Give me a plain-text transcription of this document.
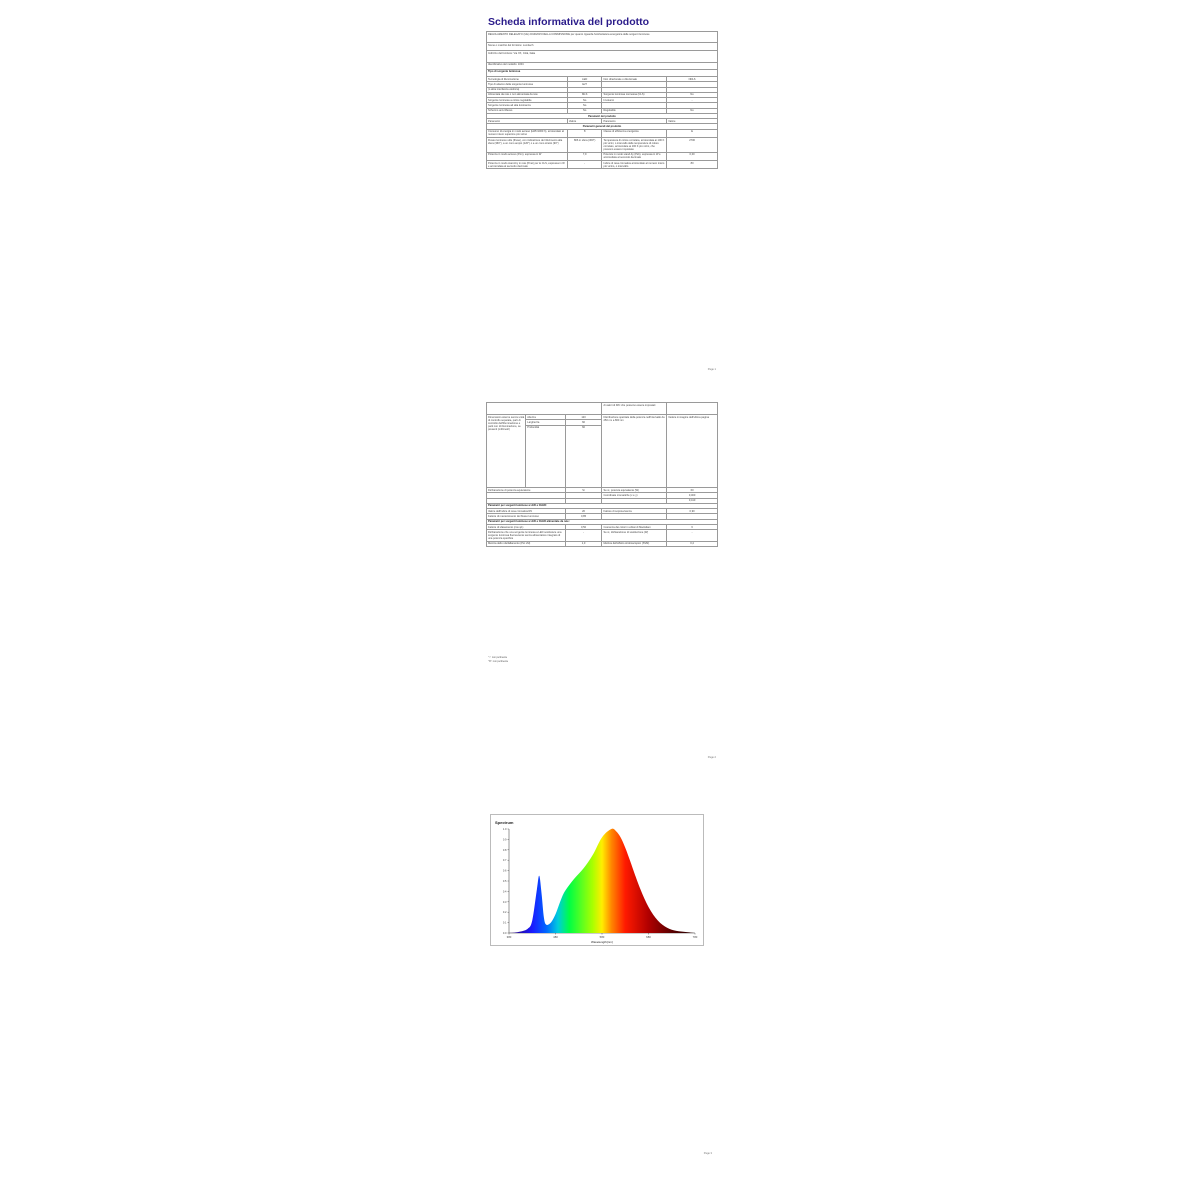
Scheda informativa del prodotto
REGOLAMENTO DELEGATO (UE) 2019/2015 DELLA COMMISSIONE per quanto riguarda l'etichettatura energetica delle sorgenti luminose			
Nome o marchio del fornitore: Lumitech			
Indirizzo del fornitore: Via XX, Città, Italia			
Identificativo del modello: 1004			
Tipo di sorgente luminosa			
Tecnologia di illuminazione	LED	Non direzionale o direzionale	NDLS
Tipo di attacco della sorgente luminosa	E27		
(o altra interfaccia elettrica)			
Alimentata da rete o non alimentata da rete	MLS	Sorgente luminosa connessa (CLS)	No
Sorgente luminosa a colore regolabile	No	Involucro	-
Sorgente luminosa ad alta luminanza	No		
Schermo anti-riflesso	No	Regolabile	No
Parametri del prodotto			
Parametro	Valore	Parametro	Valore
Parametri generali del prodotto			
Consumo di energia in modo acceso (kWh/1000 h), arrotondato al numero intero superiore più vicino	8	Classe di efficienza energetica	E
Flusso luminoso utile (Φuse), con indicazione del riferimento alla sfera (360°), a un cono ampio (120°) o a un cono stretto (90°)	806 in sfera (360°)	Temperatura di colore correlata, arrotondata ai 100 K più vicini, o intervallo delle temperature di colore correlato, arrotondate ai 100 K più vicini, che possono essere impostate	2700
Potenza in modo acceso (Pon), espressa in W	7,9	Potenza in modo stand-by (Psb), espressa in W e arrotondata al secondo decimale	0,00
Potenza in modo stand-by in rete (Pnet) per le CLS, espressa in W e arrotondata al secondo decimale	-	Indice di resa cromatica arrotondato al numero intero più vicino, o intervallo	80
Page 1
			di valori di IRC che possono essere impostati	
Dimensioni esterne senza unità di controllo separata, parti di controllo dell'illuminazione e parti non di illuminazione, se presenti (millimetri)	Altezza	120	Distribuzione spettrale della potenza nell'intervallo da 250 nm a 800 nm	Vedere immagine dell'ultima pagina
	Larghezza	60		
	Profondità	60		
Dichiarazione di potenza equivalente		Sì	Se sì, potenza equivalente (W)	60
			Coordinate cromatiche (x e y)	0,460
				0,410
Parametri per sorgenti luminose a LED e OLED:				
Valore dell'indice di resa cromatica R9		20	Fattore di sopravvivenza	0,90
Fattore di mantenimento del flusso luminoso		0,85		
Parametri per sorgenti luminose a LED e OLED alimentate da rete:				
Fattore di sfasamento (cos φ1)		0,50	Coerenza dei colori in ellissi di MacAdam	6
Dichiarazione che una sorgente luminosa a LED sostituisce una sorgente luminosa fluorescente senza alimentatore integrato di una potenza specifica		-	Se sì, dichiarazione di sostituzione (W)	-
Metrica dello sfarfallamento (Pst LM)		1,0	Metrica dell'effetto stroboscopico (SVM)	0,4
"-": non pertinente
"N": non pertinente
Page 2
Spectrum
0.0
0.1
0.2
0.3
0.4
0.5
0.6
0.7
0.8
0.9
1.0
380	480	580	680	780
Wavelength(nm)
Page 3
